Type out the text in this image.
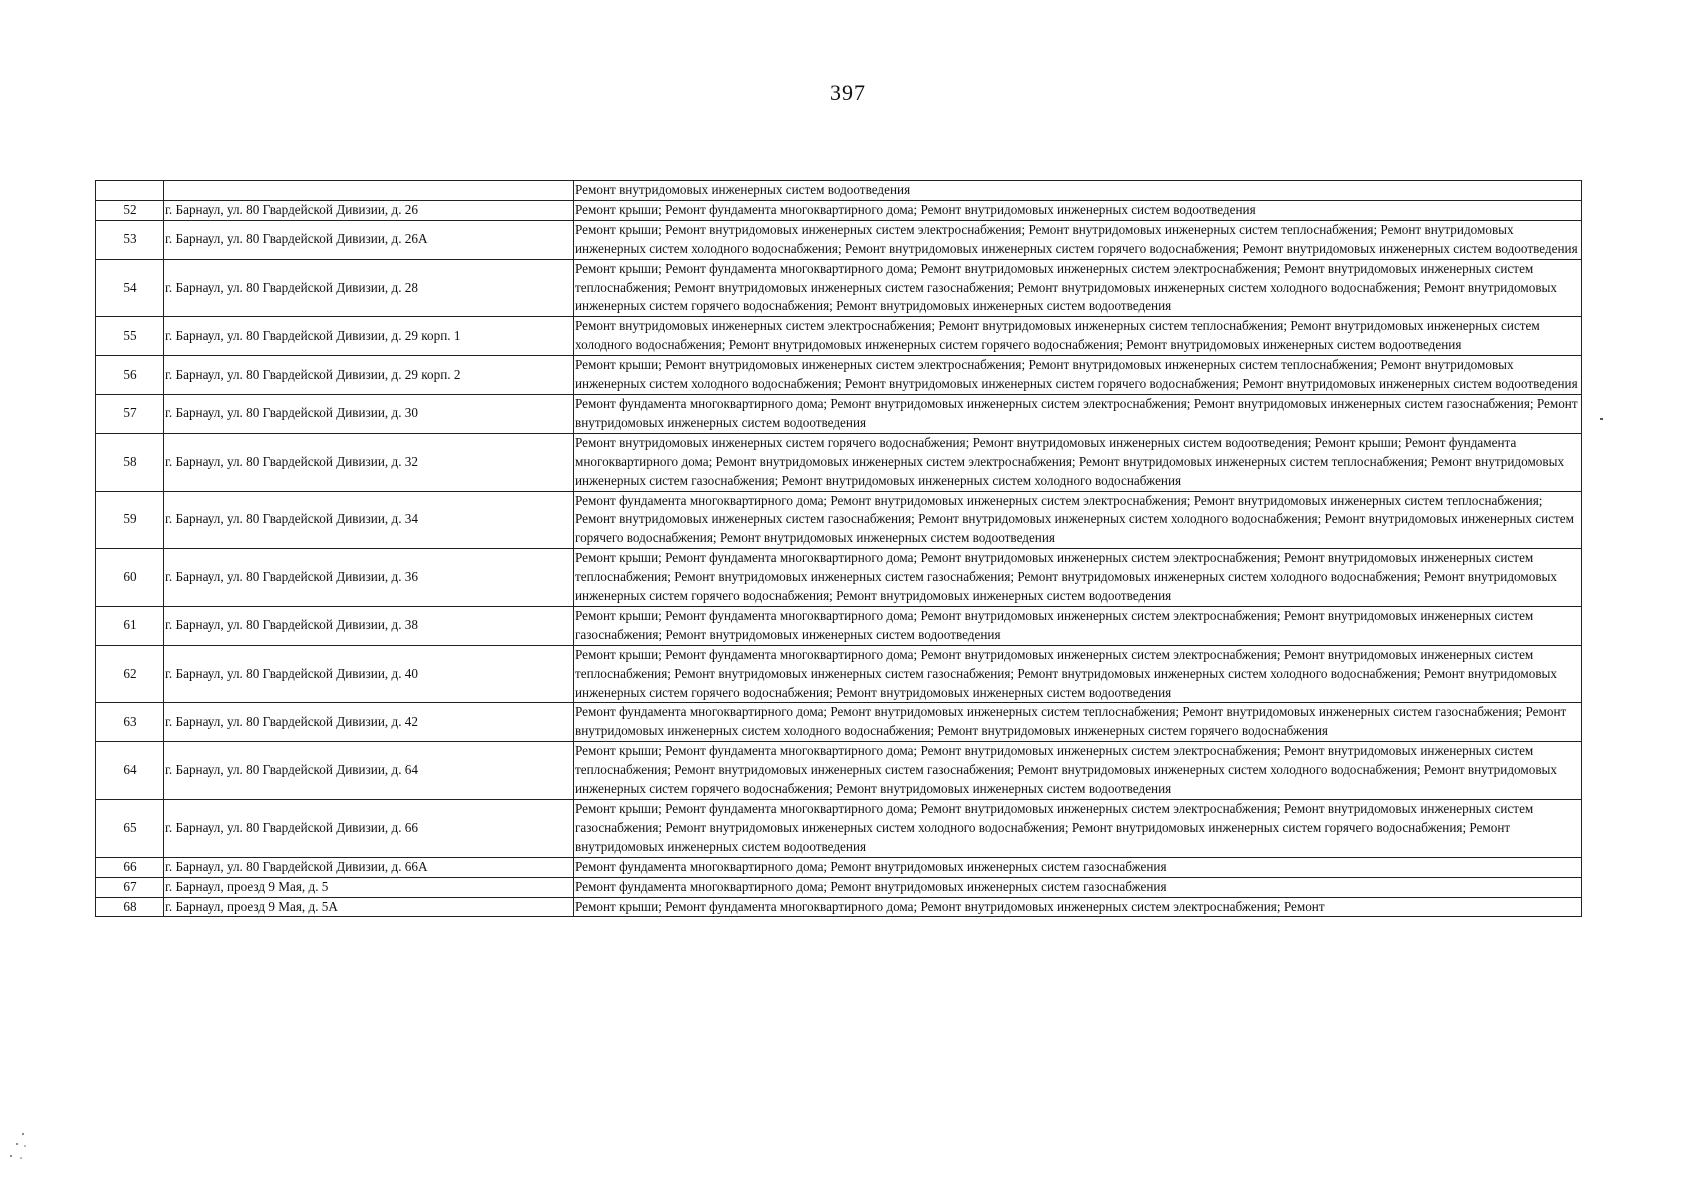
397
		Ремонт внутридомовых инженерных систем водоотведения
52	г. Барнаул, ул. 80 Гвардейской Дивизии, д. 26	Ремонт крыши; Ремонт фундамента многоквартирного дома; Ремонт внутридомовых инженерных систем водоотведения
53	г. Барнаул, ул. 80 Гвардейской Дивизии, д. 26А	Ремонт крыши; Ремонт внутридомовых инженерных систем электроснабжения; Ремонт внутридомовых инженерных систем теплоснабжения; Ремонт внутридомовых инженерных систем холодного водоснабжения; Ремонт внутридомовых инженерных систем горячего водоснабжения; Ремонт внутридомовых инженерных систем водоотведения
54	г. Барнаул, ул. 80 Гвардейской Дивизии, д. 28	Ремонт крыши; Ремонт фундамента многоквартирного дома; Ремонт внутридомовых инженерных систем электроснабжения; Ремонт внутридомовых инженерных систем теплоснабжения; Ремонт внутридомовых инженерных систем газоснабжения; Ремонт внутридомовых инженерных систем холодного водоснабжения; Ремонт внутридомовых инженерных систем горячего водоснабжения; Ремонт внутридомовых инженерных систем водоотведения
55	г. Барнаул, ул. 80 Гвардейской Дивизии, д. 29 корп. 1	Ремонт внутридомовых инженерных систем электроснабжения; Ремонт внутридомовых инженерных систем теплоснабжения; Ремонт внутридомовых инженерных систем холодного водоснабжения; Ремонт внутридомовых инженерных систем горячего водоснабжения; Ремонт внутридомовых инженерных систем водоотведения
56	г. Барнаул, ул. 80 Гвардейской Дивизии, д. 29 корп. 2	Ремонт крыши; Ремонт внутридомовых инженерных систем электроснабжения; Ремонт внутридомовых инженерных систем теплоснабжения; Ремонт внутридомовых инженерных систем холодного водоснабжения; Ремонт внутридомовых инженерных систем горячего водоснабжения; Ремонт внутридомовых инженерных систем водоотведения
57	г. Барнаул, ул. 80 Гвардейской Дивизии, д. 30	Ремонт фундамента многоквартирного дома; Ремонт внутридомовых инженерных систем электроснабжения; Ремонт внутридомовых инженерных систем газоснабжения; Ремонт внутридомовых инженерных систем водоотведения
58	г. Барнаул, ул. 80 Гвардейской Дивизии, д. 32	Ремонт внутридомовых инженерных систем горячего водоснабжения; Ремонт внутридомовых инженерных систем водоотведения; Ремонт крыши; Ремонт фундамента многоквартирного дома; Ремонт внутридомовых инженерных систем электроснабжения; Ремонт внутридомовых инженерных систем теплоснабжения; Ремонт внутридомовых инженерных систем газоснабжения; Ремонт внутридомовых инженерных систем холодного водоснабжения
59	г. Барнаул, ул. 80 Гвардейской Дивизии, д. 34	Ремонт фундамента многоквартирного дома; Ремонт внутридомовых инженерных систем электроснабжения; Ремонт внутридомовых инженерных систем теплоснабжения; Ремонт внутридомовых инженерных систем газоснабжения; Ремонт внутридомовых инженерных систем холодного водоснабжения; Ремонт внутридомовых инженерных систем горячего водоснабжения; Ремонт внутридомовых инженерных систем водоотведения
60	г. Барнаул, ул. 80 Гвардейской Дивизии, д. 36	Ремонт крыши; Ремонт фундамента многоквартирного дома; Ремонт внутридомовых инженерных систем электроснабжения; Ремонт внутридомовых инженерных систем теплоснабжения; Ремонт внутридомовых инженерных систем газоснабжения; Ремонт внутридомовых инженерных систем холодного водоснабжения; Ремонт внутридомовых инженерных систем горячего водоснабжения; Ремонт внутридомовых инженерных систем водоотведения
61	г. Барнаул, ул. 80 Гвардейской Дивизии, д. 38	Ремонт крыши; Ремонт фундамента многоквартирного дома; Ремонт внутридомовых инженерных систем электроснабжения; Ремонт внутридомовых инженерных систем газоснабжения; Ремонт внутридомовых инженерных систем водоотведения
62	г. Барнаул, ул. 80 Гвардейской Дивизии, д. 40	Ремонт крыши; Ремонт фундамента многоквартирного дома; Ремонт внутридомовых инженерных систем электроснабжения; Ремонт внутридомовых инженерных систем теплоснабжения; Ремонт внутридомовых инженерных систем газоснабжения; Ремонт внутридомовых инженерных систем холодного водоснабжения; Ремонт внутридомовых инженерных систем горячего водоснабжения; Ремонт внутридомовых инженерных систем водоотведения
63	г. Барнаул, ул. 80 Гвардейской Дивизии, д. 42	Ремонт фундамента многоквартирного дома; Ремонт внутридомовых инженерных систем теплоснабжения; Ремонт внутридомовых инженерных систем газоснабжения; Ремонт внутридомовых инженерных систем холодного водоснабжения; Ремонт внутридомовых инженерных систем горячего водоснабжения
64	г. Барнаул, ул. 80 Гвардейской Дивизии, д. 64	Ремонт крыши; Ремонт фундамента многоквартирного дома; Ремонт внутридомовых инженерных систем электроснабжения; Ремонт внутридомовых инженерных систем теплоснабжения; Ремонт внутридомовых инженерных систем газоснабжения; Ремонт внутридомовых инженерных систем холодного водоснабжения; Ремонт внутридомовых инженерных систем горячего водоснабжения; Ремонт внутридомовых инженерных систем водоотведения
65	г. Барнаул, ул. 80 Гвардейской Дивизии, д. 66	Ремонт крыши; Ремонт фундамента многоквартирного дома; Ремонт внутридомовых инженерных систем электроснабжения; Ремонт внутридомовых инженерных систем газоснабжения; Ремонт внутридомовых инженерных систем холодного водоснабжения; Ремонт внутридомовых инженерных систем горячего водоснабжения; Ремонт внутридомовых инженерных систем водоотведения
66	г. Барнаул, ул. 80 Гвардейской Дивизии, д. 66А	Ремонт фундамента многоквартирного дома; Ремонт внутридомовых инженерных систем газоснабжения
67	г. Барнаул, проезд 9 Мая, д. 5	Ремонт фундамента многоквартирного дома; Ремонт внутридомовых инженерных систем газоснабжения
68	г. Барнаул, проезд 9 Мая, д. 5А	Ремонт крыши; Ремонт фундамента многоквартирного дома; Ремонт внутридомовых инженерных систем электроснабжения; Ремонт
